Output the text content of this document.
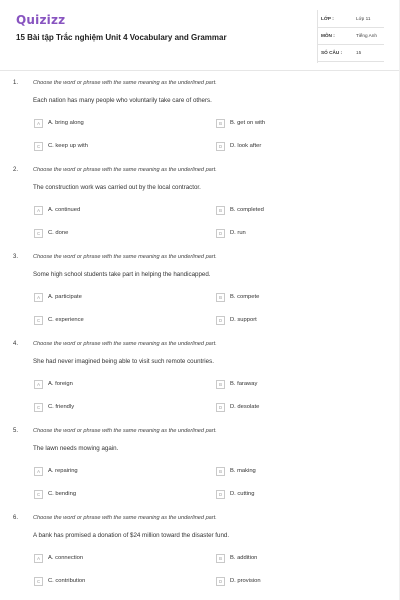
Quizizz
15 Bài tập Trắc nghiệm Unit 4 Vocabulary and Grammar
LỚP :	Lớp 11
MÔN :	Tiếng Anh
SỐ CÂU :	15
1.	Choose the word or phrase with the same meaning as the underlined part.
Each nation has many people who voluntarily take care of others.
A	A. bring along	B	B. get on with
C	C. keep up with	D	D. look after
2.	Choose the word or phrase with the same meaning as the underlined part.
The construction work was carried out by the local contractor.
A	A. continued	B	B. completed
C	C. done	D	D. run
3.	Choose the word or phrase with the same meaning as the underlined part.
Some high school students take part in helping the handicapped.
A	A. participate	B	B. compete
C	C. experience	D	D. support
4.	Choose the word or phrase with the same meaning as the underlined part.
She had never imagined being able to visit such remote countries.
A	A. foreign	B	B. faraway
C	C. friendly	D	D. desolate
5.	Choose the word or phrase with the same meaning as the underlined part.
The lawn needs mowing again.
A	A. repairing	B	B. making
C	C. bending	D	D. cutting
6.	Choose the word or phrase with the same meaning as the underlined part.
A bank has promised a donation of $24 million toward the disaster fund.
A	A. connection	B	B. addition
C	C. contribution	D	D. provision
